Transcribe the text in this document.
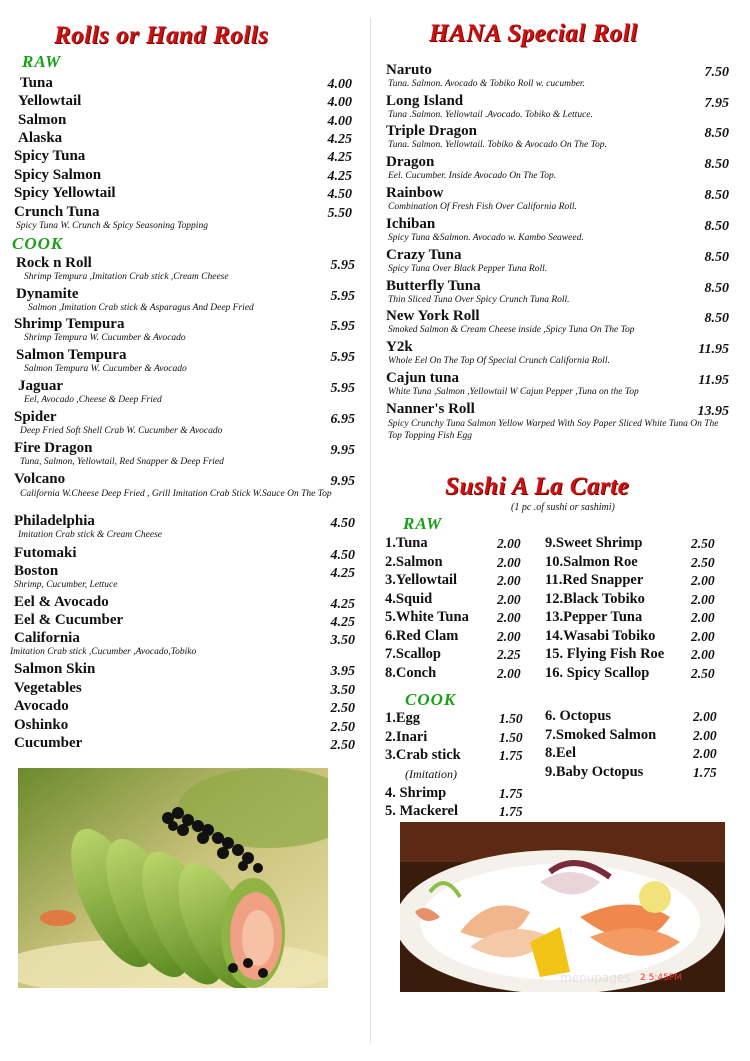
Rolls or Hand Rolls
RAW
COOK
Tuna	4.00
Yellowtail	4.00
Salmon	4.00
Alaska	4.25
Spicy Tuna	4.25
Spicy Salmon	4.25
Spicy Yellowtail	4.50
Crunch Tuna	5.50
Spicy Tuna W. Crunch & Spicy Seasoning Topping
Rock n Roll	5.95
Shrimp Tempura ,Imitation Crab stick ,Cream Cheese
Dynamite	5.95
Salmon ,Imitation Crab stick & Asparagus And Deep Fried
Shrimp Tempura	5.95
Shrimp Tempura W. Cucumber & Avocado
Salmon Tempura	5.95
Salmon Tempura W. Cucumber & Avocado
Jaguar	5.95
Eel, Avocado ,Cheese & Deep Fried
Spider	6.95
Deep Fried Soft Shell Crab W. Cucumber & Avocado
Fire Dragon	9.95
Tuna, Salmon, Yellowtail, Red Snapper & Deep Fried
Volcano	9.95
California W.Cheese Deep Fried , Grill Imitation Crab Stick W.Sauce On The Top
Philadelphia	4.50
Imitation Crab stick & Cream Cheese
Futomaki	4.50
Boston	4.25
Shrimp, Cucumber, Lettuce
Eel & Avocado	4.25
Eel & Cucumber	4.25
California	3.50
Imitation Crab stick ,Cucumber ,Avocado,Tobiko
Salmon Skin	3.95
Vegetables	3.50
Avocado	2.50
Oshinko	2.50
Cucumber	2.50
HANA Special Roll
Naruto	7.50
Tuna. Salmon. Avocado & Tobiko Roll w. cucumber.
Long Island	7.95
Tuna .Salmon. Yellowtail .Avocado. Tobiko & Lettuce.
Triple Dragon	8.50
Tuna. Salmon. Yellowtail. Tobiko & Avocado On The Top.
Dragon	8.50
Eel. Cucumber. Inside Avocado On The Top.
Rainbow	8.50
Combination Of Fresh Fish Over California Roll.
Ichiban	8.50
Spicy Tuna &Salmon. Avocado w. Kambo Seaweed.
Crazy Tuna	8.50
Spicy Tuna Over Black Pepper Tuna Roll.
Butterfly Tuna	8.50
Thin Sliced Tuna Over Spicy Crunch Tuna Roll.
New York Roll	8.50
Smoked Salmon & Cream Cheese inside ,Spicy Tuna On The Top
Y2k	11.95
Whole Eel On The Top Of Special Crunch California Roll.
Cajun tuna	11.95
White Tuna ,Salmon ,Yellowtail W Cajun Pepper ,Tuna on the Top
Nanner's Roll	13.95
Spicy Crunchy Tuna Salmon Yellow Warped With Soy Paper Sliced White Tuna On The Top Topping Fish Egg
Sushi A La Carte
(1 pc .of sushi or sashimi)
RAW
1.Tuna	2.00
2.Salmon	2.00
3.Yellowtail	2.00
4.Squid	2.00
5.White Tuna 2.00
6.Red Clam	2.00
7.Scallop	2.25
8.Conch	2.00
9.Sweet Shrimp	2.50
10.Salmon Roe	2.50
11.Red Snapper	2.00
12.Black Tobiko	2.00
13.Pepper Tuna	2.00
14.Wasabi Tobiko	2.00
15. Flying Fish Roe 2.00
16. Spicy Scallop	2.50
COOK
1.Egg	1.50
2.Inari	1.50
3.Crab stick	1.75
(Imitation)
4. Shrimp	1.75
5. Mackerel	1.75
6. Octopus	2.00
7.Smoked Salmon	2.00
8.Eel	2.00
9.Baby Octopus	1.75
menupages 2 5:45PM
